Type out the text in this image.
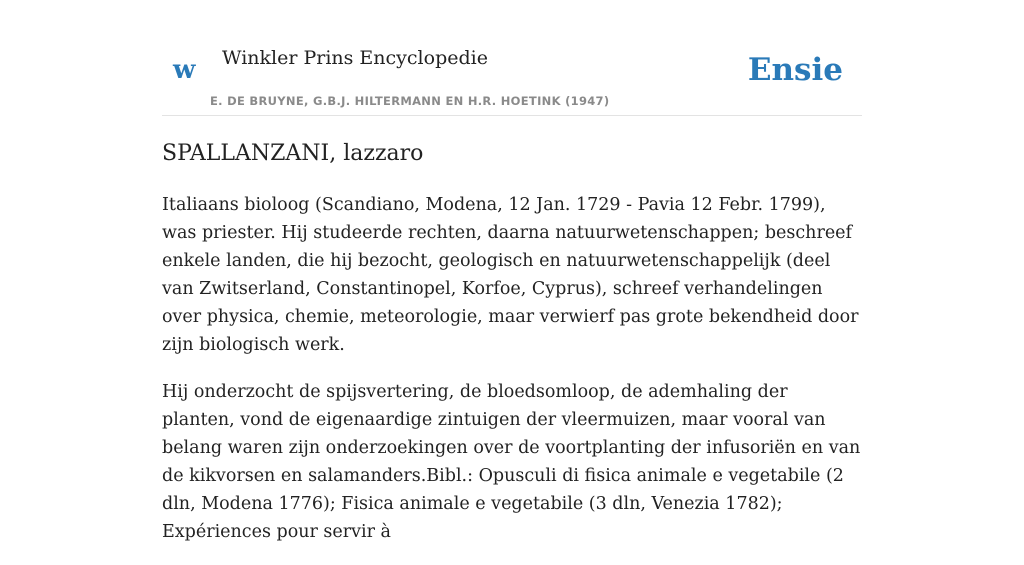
w Winkler Prins Encyclopedie
E. DE BRUYNE, G.B.J. HILTERMANN EN H.R. HOETINK (1947)
Ensie
SPALLANZANI, lazzaro

Italiaans bioloog (Scandiano, Modena, 12 Jan. 1729 - Pavia 12 Febr. 1799), was priester. Hij studeerde rechten, daarna natuurwetenschappen; beschreef enkele landen, die hij bezocht, geologisch en natuurwetenschappelijk (deel van Zwitserland, Constantinopel, Korfoe, Cyprus), schreef verhandelingen over physica, chemie, meteorologie, maar verwierf pas grote bekendheid door zijn biologisch werk.

Hij onderzocht de spijsvertering, de bloedsomloop, de ademhaling der planten, vond de eigenaardige zintuigen der vleermuizen, maar vooral van belang waren zijn onderzoekingen over de voortplanting der infusoriën en van de kikvorsen en salamanders.Bibl.: Opusculi di fisica animale e vegetabile (2 dln, Modena 1776); Fisica animale e vegetabile (3 dln, Venezia 1782); Expériences pour servir à
